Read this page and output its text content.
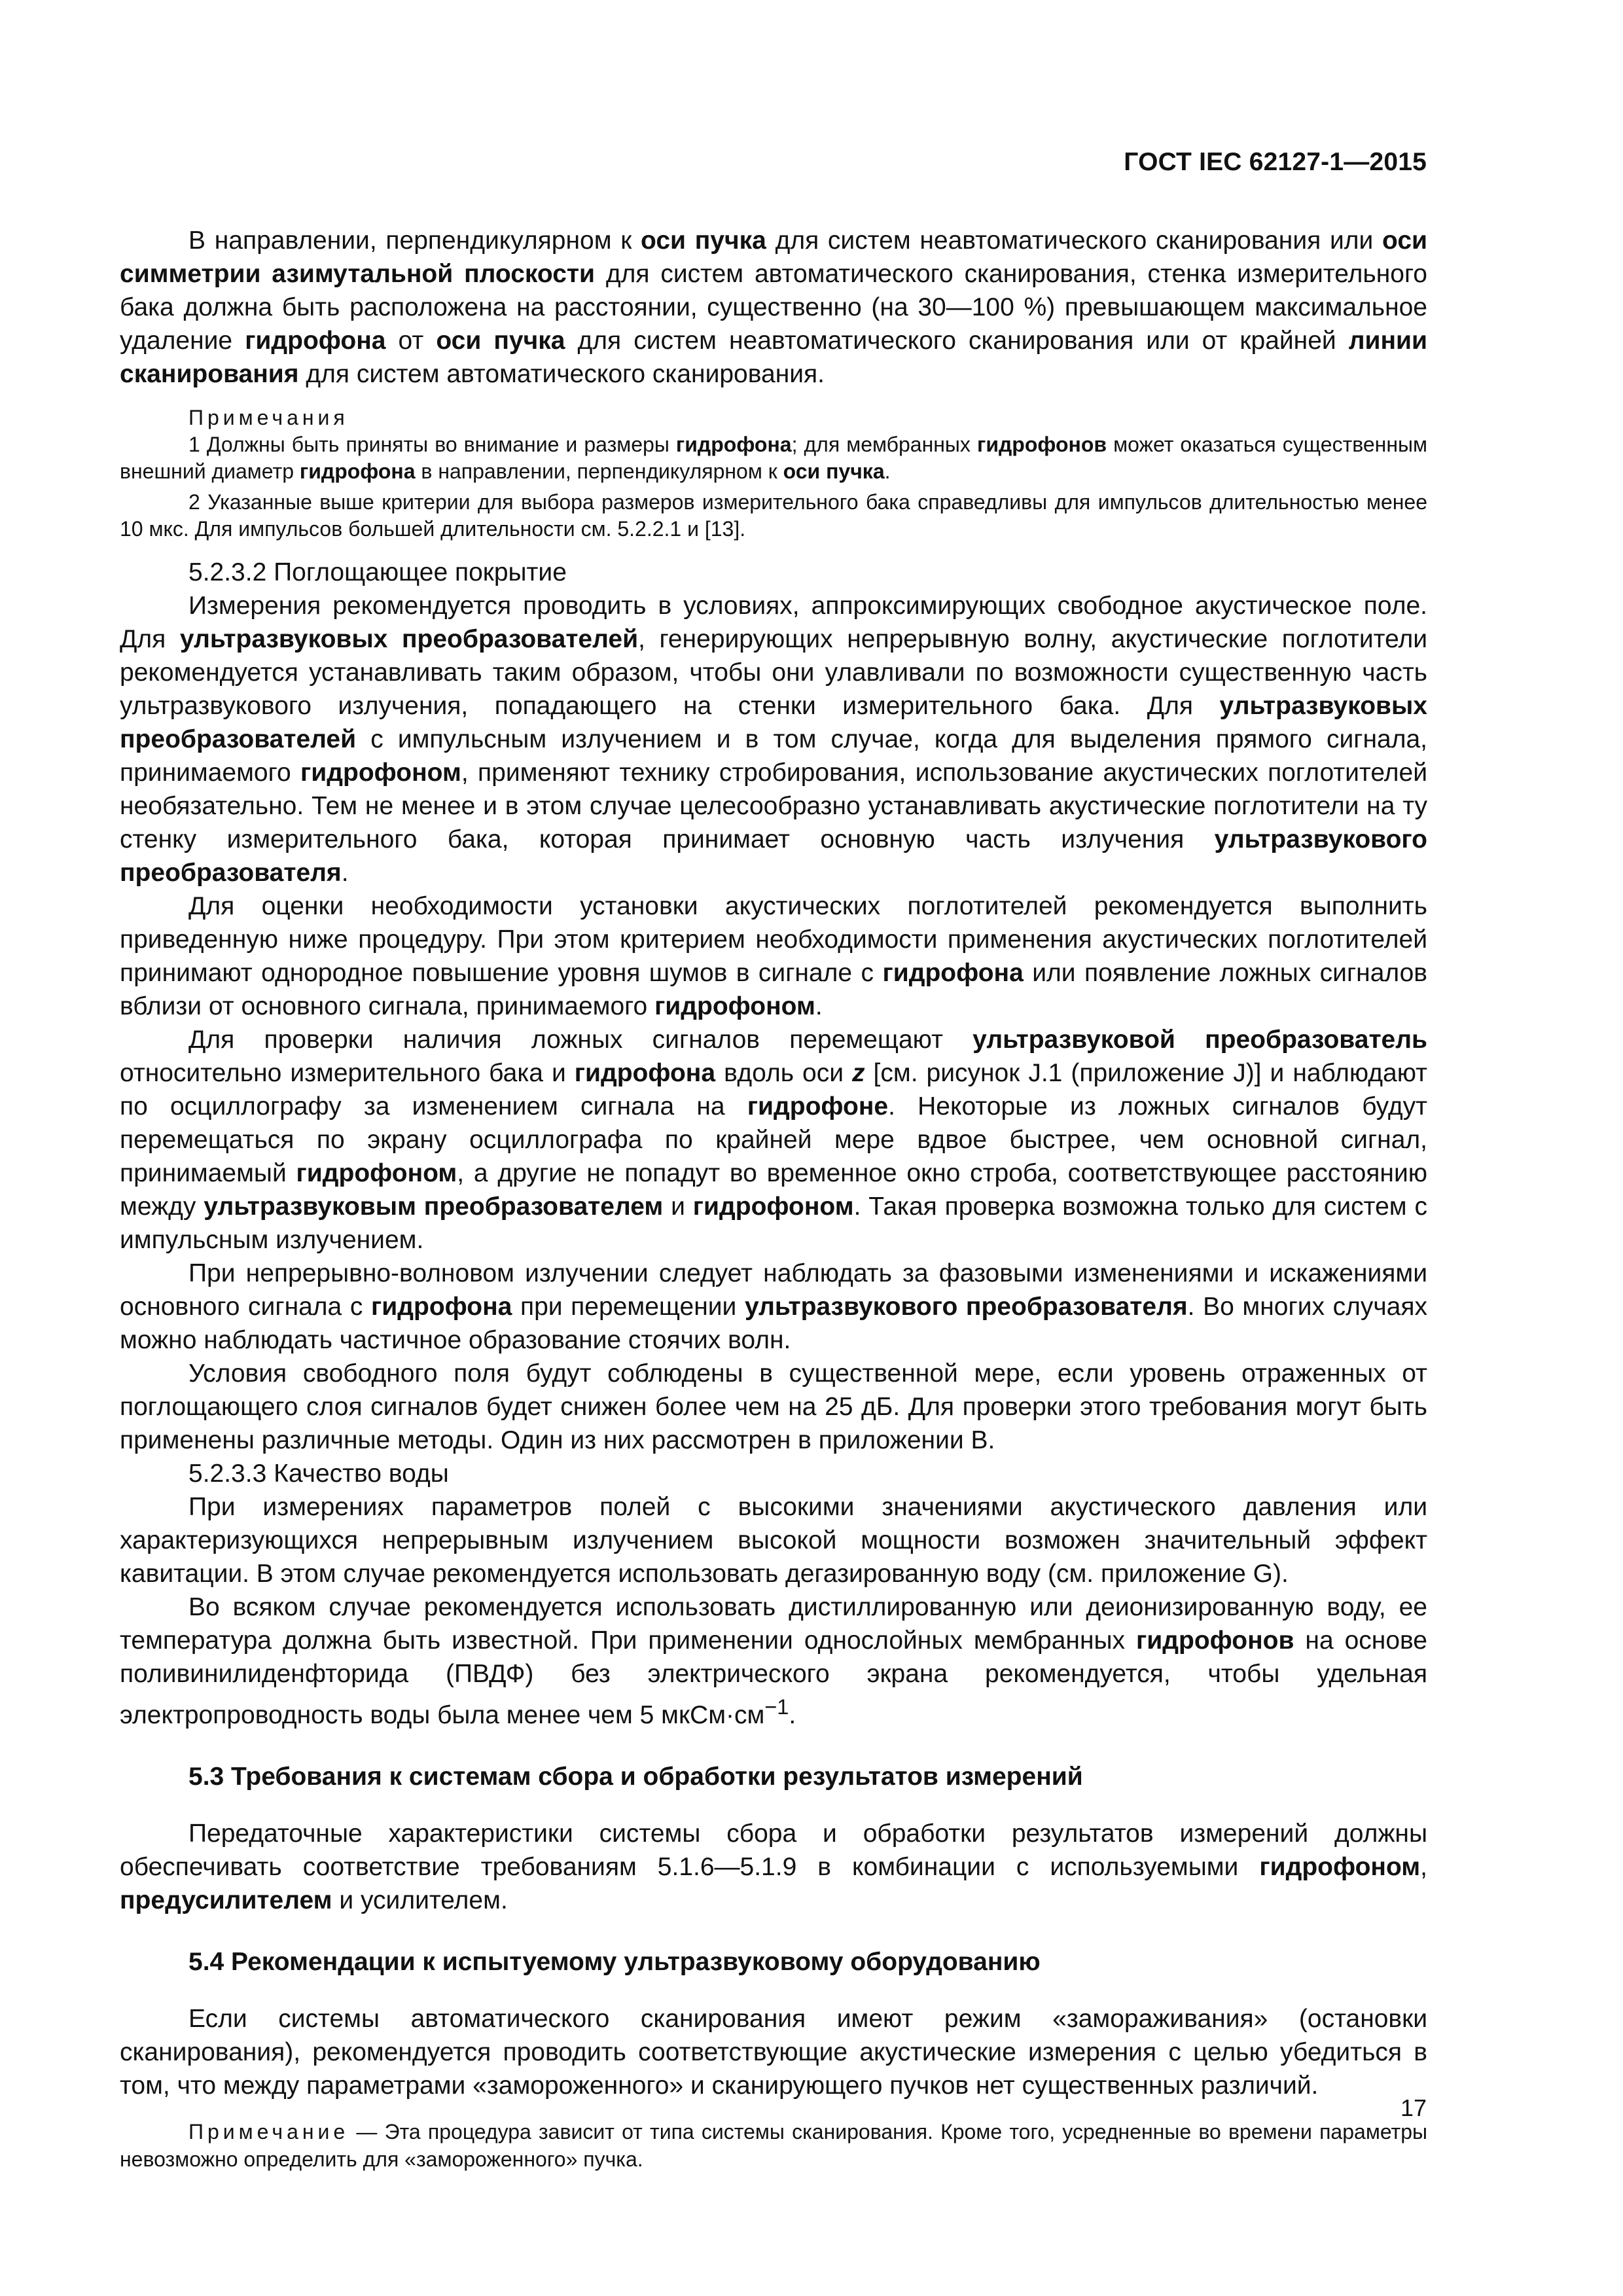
ГОСТ IEC 62127-1—2015

В направлении, перпендикулярном к оси пучка для систем неавтоматического сканирования или оси симметрии азимутальной плоскости для систем автоматического сканирования, стенка измерительного бака должна быть расположена на расстоянии, существенно (на 30—100 %) превышающем максимальное удаление гидрофона от оси пучка для систем неавтоматического сканирования или от крайней линии сканирования для систем автоматического сканирования.

Примечания

1 Должны быть приняты во внимание и размеры гидрофона; для мембранных гидрофонов может оказаться существенным внешний диаметр гидрофона в направлении, перпендикулярном к оси пучка.

2 Указанные выше критерии для выбора размеров измерительного бака справедливы для импульсов длительностью менее 10 мкс. Для импульсов большей длительности см. 5.2.2.1 и [13].

5.2.3.2 Поглощающее покрытие

Измерения рекомендуется проводить в условиях, аппроксимирующих свободное акустическое поле. Для ультразвуковых преобразователей, генерирующих непрерывную волну, акустические поглотители рекомендуется устанавливать таким образом, чтобы они улавливали по возможности существенную часть ультразвукового излучения, попадающего на стенки измерительного бака. Для ультразвуковых преобразователей с импульсным излучением и в том случае, когда для выделения прямого сигнала, принимаемого гидрофоном, применяют технику стробирования, использование акустических поглотителей необязательно. Тем не менее и в этом случае целесообразно устанавливать акустические поглотители на ту стенку измерительного бака, которая принимает основную часть излучения ультразвукового преобразователя.

Для оценки необходимости установки акустических поглотителей рекомендуется выполнить приведенную ниже процедуру. При этом критерием необходимости применения акустических поглотителей принимают однородное повышение уровня шумов в сигнале с гидрофона или появление ложных сигналов вблизи от основного сигнала, принимаемого гидрофоном.

Для проверки наличия ложных сигналов перемещают ультразвуковой преобразователь относительно измерительного бака и гидрофона вдоль оси z [см. рисунок J.1 (приложение J)] и наблюдают по осциллографу за изменением сигнала на гидрофоне. Некоторые из ложных сигналов будут перемещаться по экрану осциллографа по крайней мере вдвое быстрее, чем основной сигнал, принимаемый гидрофоном, а другие не попадут во временное окно строба, соответствующее расстоянию между ультразвуковым преобразователем и гидрофоном. Такая проверка возможна только для систем с импульсным излучением.

При непрерывно-волновом излучении следует наблюдать за фазовыми изменениями и искажениями основного сигнала с гидрофона при перемещении ультразвукового преобразователя. Во многих случаях можно наблюдать частичное образование стоячих волн.

Условия свободного поля будут соблюдены в существенной мере, если уровень отраженных от поглощающего слоя сигналов будет снижен более чем на 25 дБ. Для проверки этого требования могут быть применены различные методы. Один из них рассмотрен в приложении В.

5.2.3.3 Качество воды

При измерениях параметров полей с высокими значениями акустического давления или характеризующихся непрерывным излучением высокой мощности возможен значительный эффект кавитации. В этом случае рекомендуется использовать дегазированную воду (см. приложение G).

Во всяком случае рекомендуется использовать дистиллированную или деионизированную воду, ее температура должна быть известной. При применении однослойных мембранных гидрофонов на основе поливинилиденфторида (ПВДФ) без электрического экрана рекомендуется, чтобы удельная электропроводность воды была менее чем 5 $мкСм\cdot см^{-1}$.

5.3 Требования к системам сбора и обработки результатов измерений

Передаточные характеристики системы сбора и обработки результатов измерений должны обеспечивать соответствие требованиям 5.1.6—5.1.9 в комбинации с используемыми гидрофоном, предусилителем и усилителем.

5.4 Рекомендации к испытуемому ультразвуковому оборудованию

Если системы автоматического сканирования имеют режим «замораживания» (остановки сканирования), рекомендуется проводить соответствующие акустические измерения с целью убедиться в том, что между параметрами «замороженного» и сканирующего пучков нет существенных различий.

Примечание — Эта процедура зависит от типа системы сканирования. Кроме того, усредненные во времени параметры невозможно определить для «замороженного» пучка.

17
